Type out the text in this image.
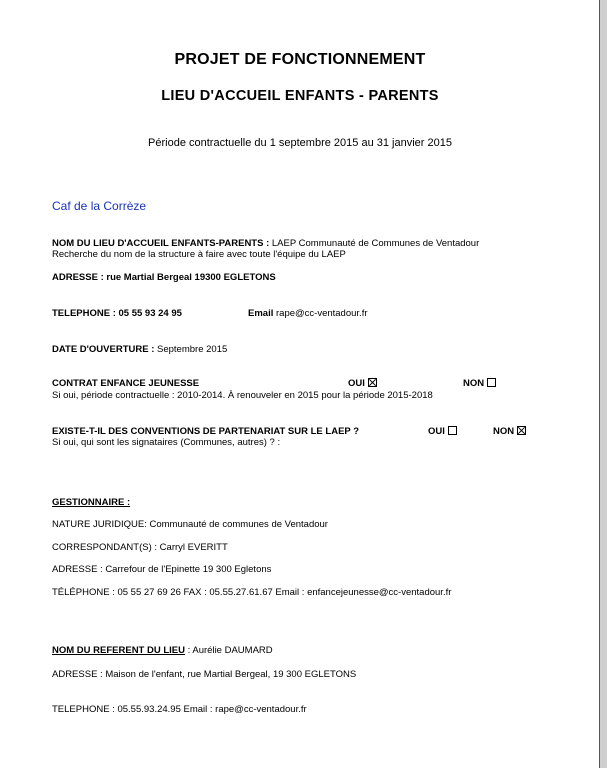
PROJET DE FONCTIONNEMENT
LIEU D'ACCUEIL ENFANTS - PARENTS
Période contractuelle du 1 septembre 2015 au 31 janvier 2015
Caf de la Corrèze
NOM DU LIEU D'ACCUEIL ENFANTS-PARENTS : LAEP Communauté de Communes de Ventadour
Recherche du nom de la structure à faire avec toute l'équipe du LAEP
ADRESSE : rue Martial Bergeal 19300 EGLETONS
TELEPHONE : 05 55 93 24 95	Email rape@cc-ventadour.fr
DATE D'OUVERTURE : Septembre 2015
CONTRAT ENFANCE JEUNESSE	OUI	NON
Si oui, période contractuelle : 2010-2014. À renouveler en 2015 pour la période 2015-2018
EXISTE-T-IL DES CONVENTIONS DE PARTENARIAT SUR LE LAEP ?	OUI	NON
Si oui, qui sont les signataires (Communes, autres) ? :
GESTIONNAIRE :
NATURE JURIDIQUE: Communauté de communes de Ventadour
CORRESPONDANT(S) : Carryl EVERITT
ADRESSE : Carrefour de l'Epinette 19 300 Egletons
TÉLÉPHONE : 05 55 27 69 26 FAX : 05.55.27.61.67 Email : enfancejeunesse@cc-ventadour.fr
NOM DU REFERENT DU LIEU : Aurélie DAUMARD
ADRESSE : Maison de l'enfant, rue Martial Bergeal, 19 300 EGLETONS
TELEPHONE : 05.55.93.24.95 Email : rape@cc-ventadour.fr
